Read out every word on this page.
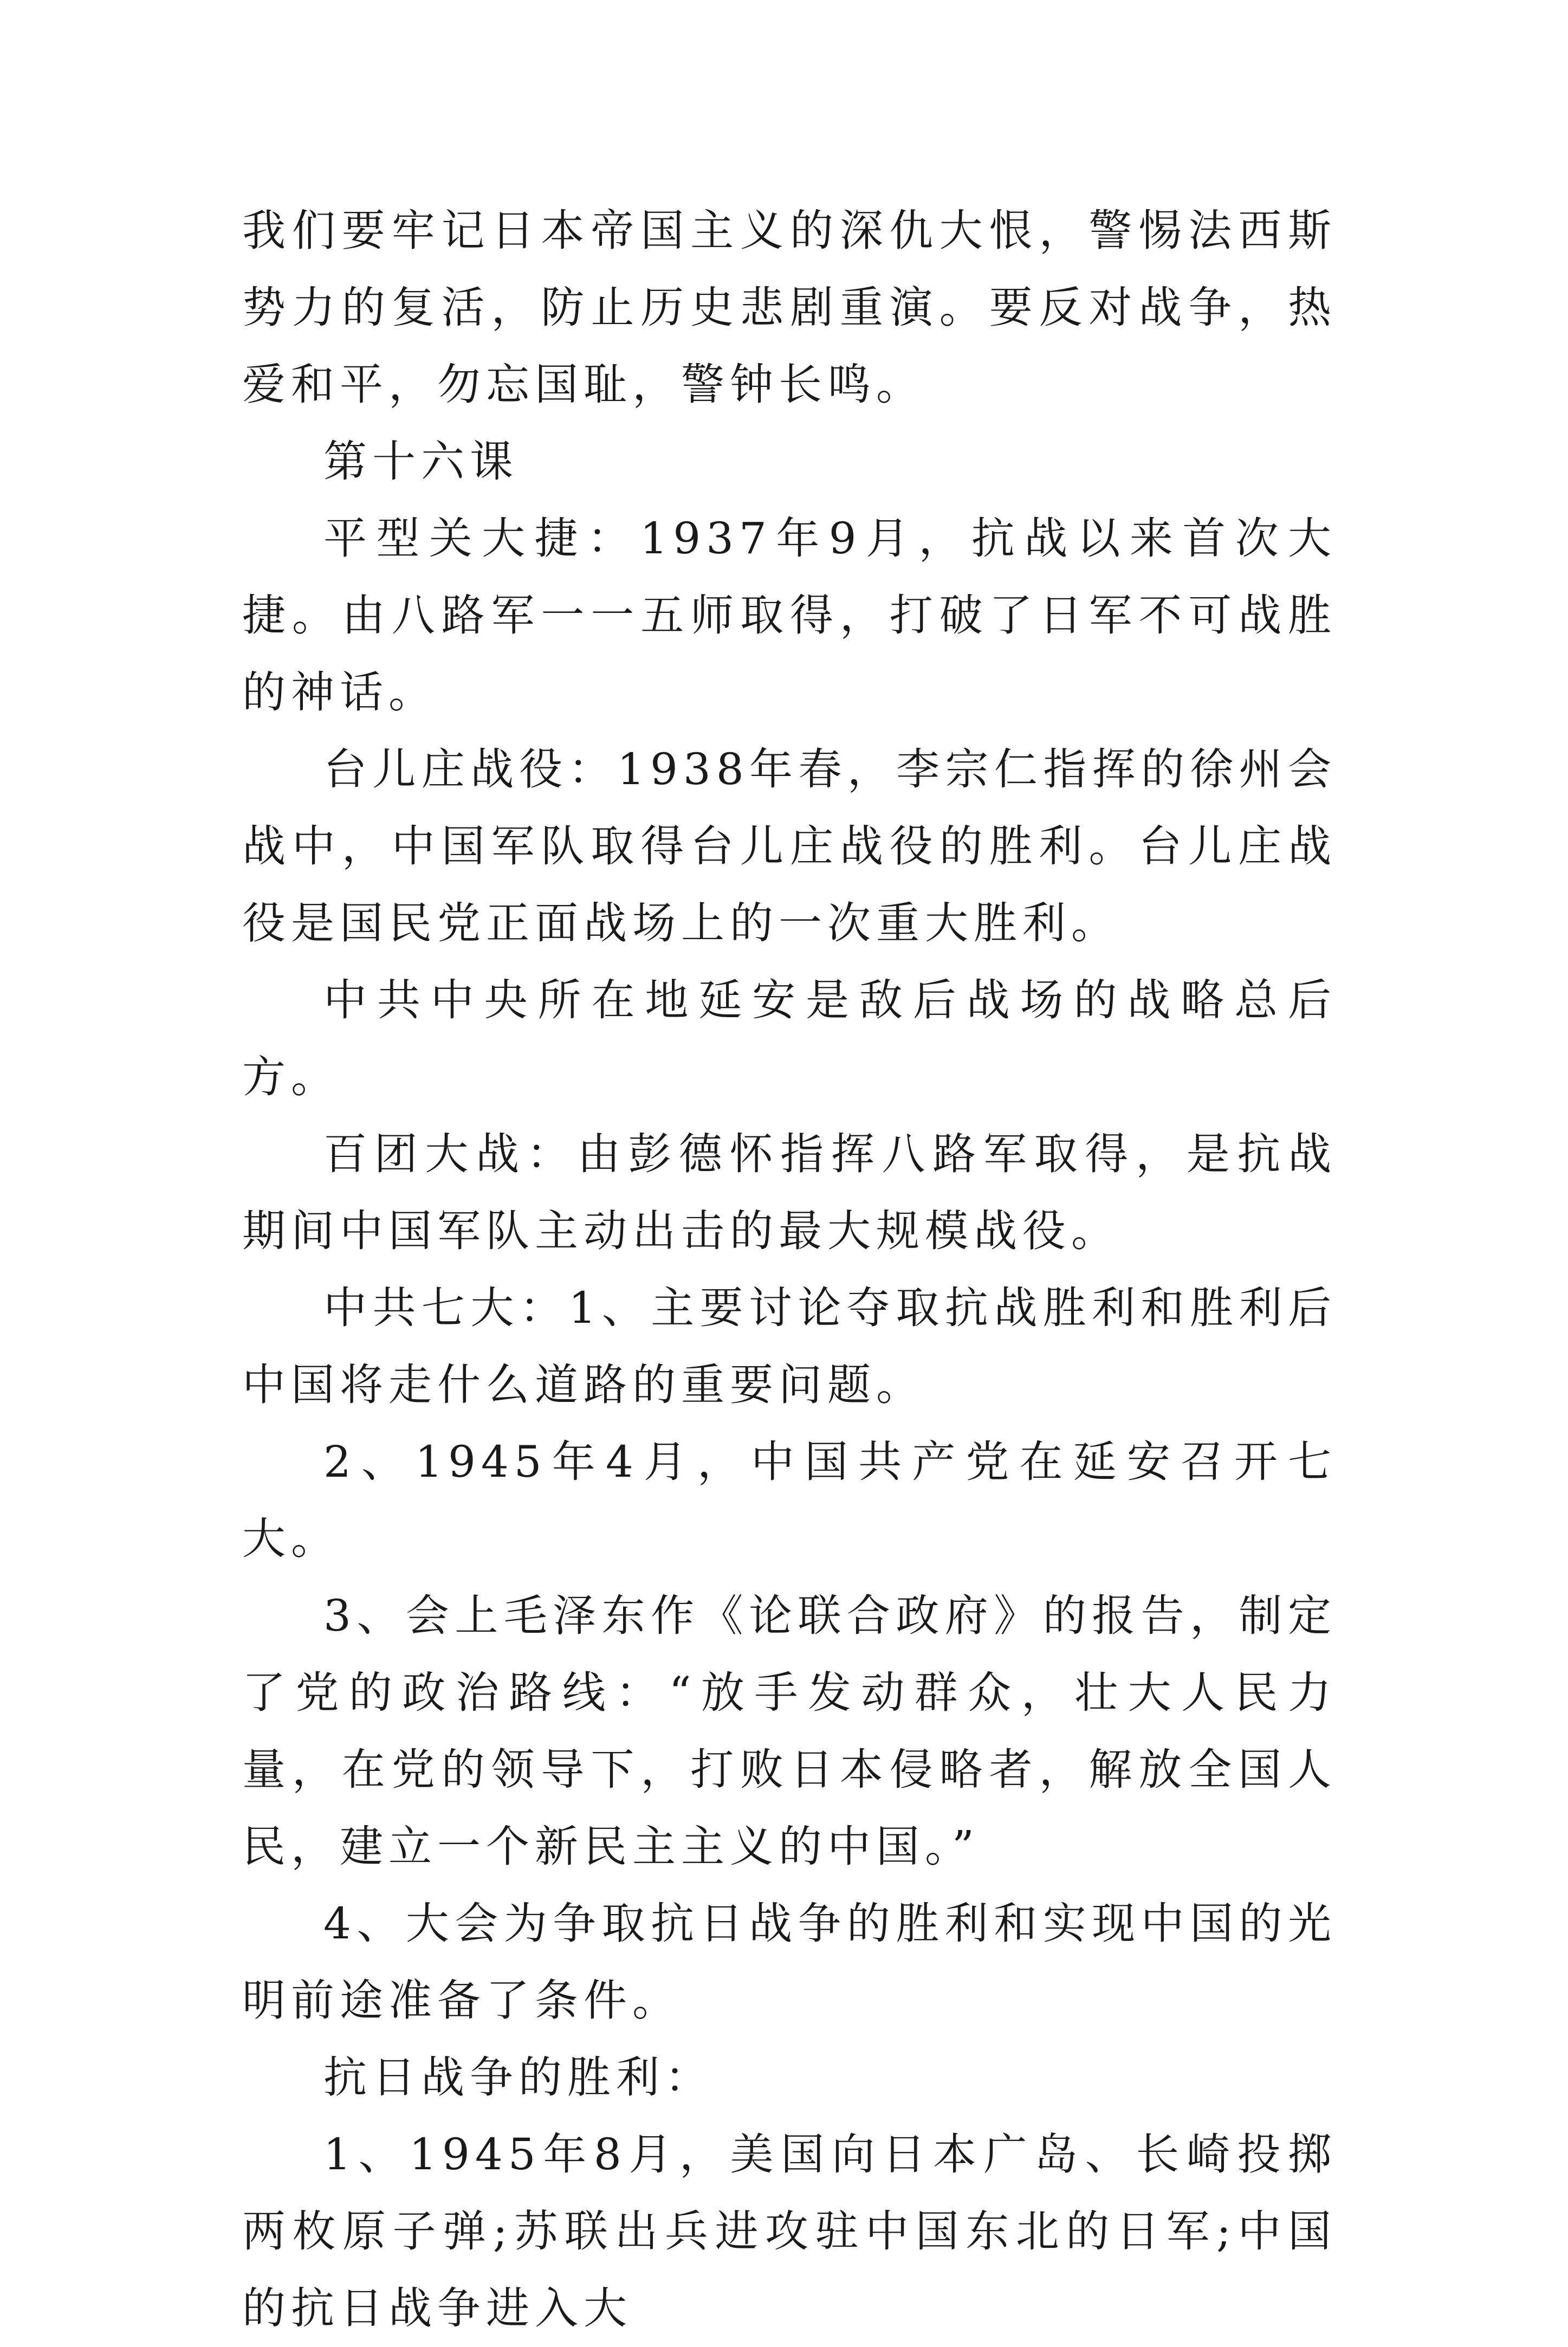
我们要牢记日本帝国主义的深仇大恨，警惕法西斯势力的复活，防止历史悲剧重演。要反对战争，热爱和平，勿忘国耻，警钟长鸣。

第十六课

平型关大捷：1937年9月，抗战以来首次大捷。由八路军一一五师取得，打破了日军不可战胜的神话。

台儿庄战役：1938年春，李宗仁指挥的徐州会战中，中国军队取得台儿庄战役的胜利。台儿庄战役是国民党正面战场上的一次重大胜利。

中共中央所在地延安是敌后战场的战略总后方。

百团大战：由彭德怀指挥八路军取得，是抗战期间中国军队主动出击的最大规模战役。

中共七大：1、主要讨论夺取抗战胜利和胜利后中国将走什么道路的重要问题。

2、1945年4月，中国共产党在延安召开七大。

3、会上毛泽东作《论联合政府》的报告，制定了党的政治路线：“放手发动群众，壮大人民力量，在党的领导下，打败日本侵略者，解放全国人民，建立一个新民主主义的中国。”

4、大会为争取抗日战争的胜利和实现中国的光明前途准备了条件。

抗日战争的胜利：

1、1945年8月，美国向日本广岛、长崎投掷两枚原子弹;苏联出兵进攻驻中国东北的日军;中国的抗日战争进入大
